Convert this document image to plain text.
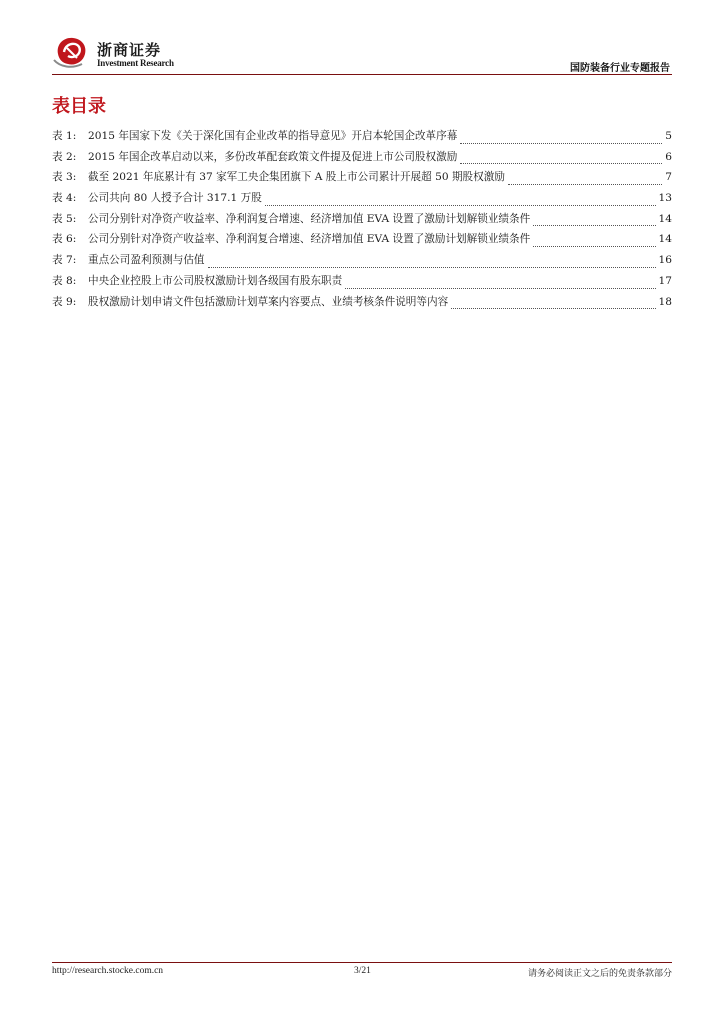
浙商证券
Investment Research	国防装备行业专题报告
表目录
表 1:	2015 年国家下发《关于深化国有企业改革的指导意见》开启本轮国企改革序幕	5
表 2:	2015 年国企改革启动以来，多份改革配套政策文件提及促进上市公司股权激励	6
表 3:	截至 2021 年底累计有 37 家军工央企集团旗下 A 股上市公司累计开展超 50 期股权激励	7
表 4:	公司共向 80 人授予合计 317.1 万股	13
表 5:	公司分别针对净资产收益率、净利润复合增速、经济增加值 EVA 设置了激励计划解锁业绩条件	14
表 6:	公司分别针对净资产收益率、净利润复合增速、经济增加值 EVA 设置了激励计划解锁业绩条件	14
表 7:	重点公司盈利预测与估值	16
表 8:	中央企业控股上市公司股权激励计划各级国有股东职责	17
表 9:	股权激励计划申请文件包括激励计划草案内容要点、业绩考核条件说明等内容	18
http://research.stocke.com.cn	3/21	请务必阅读正文之后的免责条款部分
